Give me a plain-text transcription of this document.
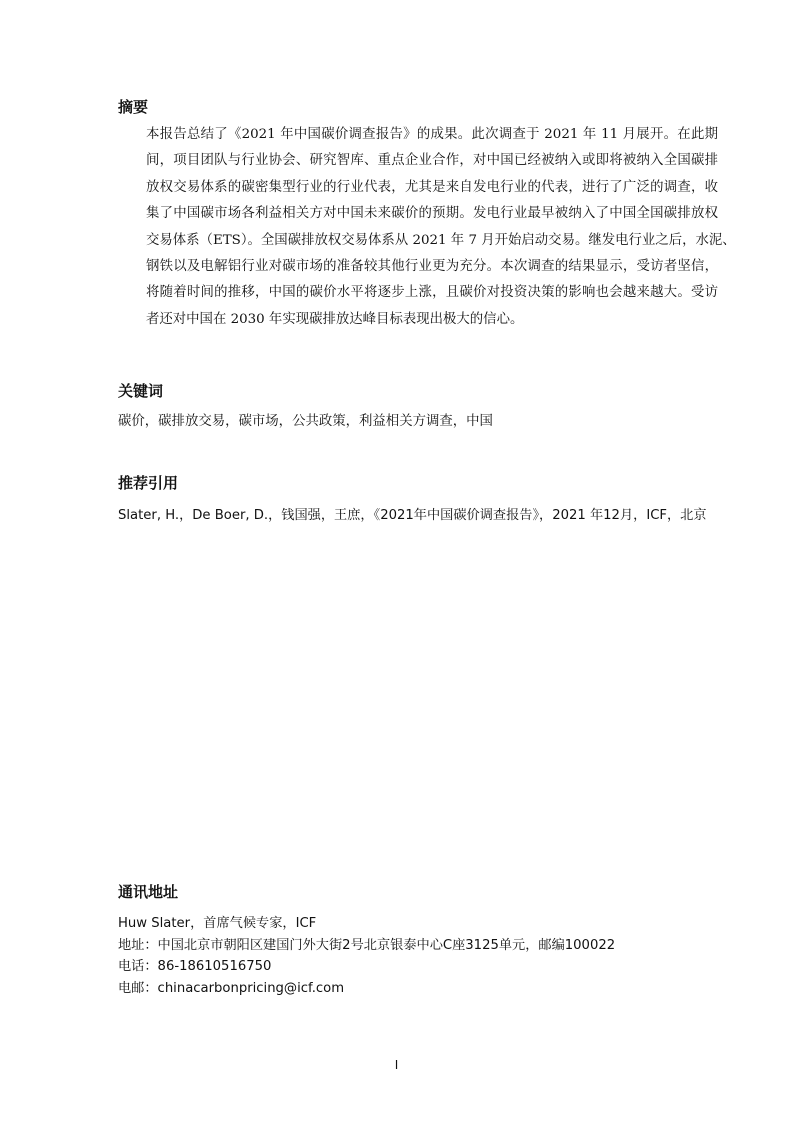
摘要
本报告总结了《2021 年中国碳价调查报告》的成果。此次调查于 2021 年 11 月展开。在此期
间，项目团队与行业协会、研究智库、重点企业合作，对中国已经被纳入或即将被纳入全国碳排
放权交易体系的碳密集型行业的行业代表，尤其是来自发电行业的代表，进行了广泛的调查，收
集了中国碳市场各利益相关方对中国未来碳价的预期。发电行业最早被纳入了中国全国碳排放权
交易体系（ETS）。全国碳排放权交易体系从 2021 年 7 月开始启动交易。继发电行业之后，水泥、
钢铁以及电解铝行业对碳市场的准备较其他行业更为充分。本次调查的结果显示，受访者坚信，
将随着时间的推移，中国的碳价水平将逐步上涨，且碳价对投资决策的影响也会越来越大。受访
者还对中国在 2030 年实现碳排放达峰目标表现出极大的信心。
关键词
碳价，碳排放交易，碳市场，公共政策，利益相关方调查，中国
推荐引用
Slater, H.，De Boer, D.，钱国强，王庶，《2021年中国碳价调查报告》，2021 年12月，ICF，北京
通讯地址
Huw Slater，首席气候专家，ICF
地址：中国北京市朝阳区建国门外大街2号北京银泰中心C座3125单元，邮编100022
电话：86-18610516750
电邮：chinacarbonpricing@icf.com
I
